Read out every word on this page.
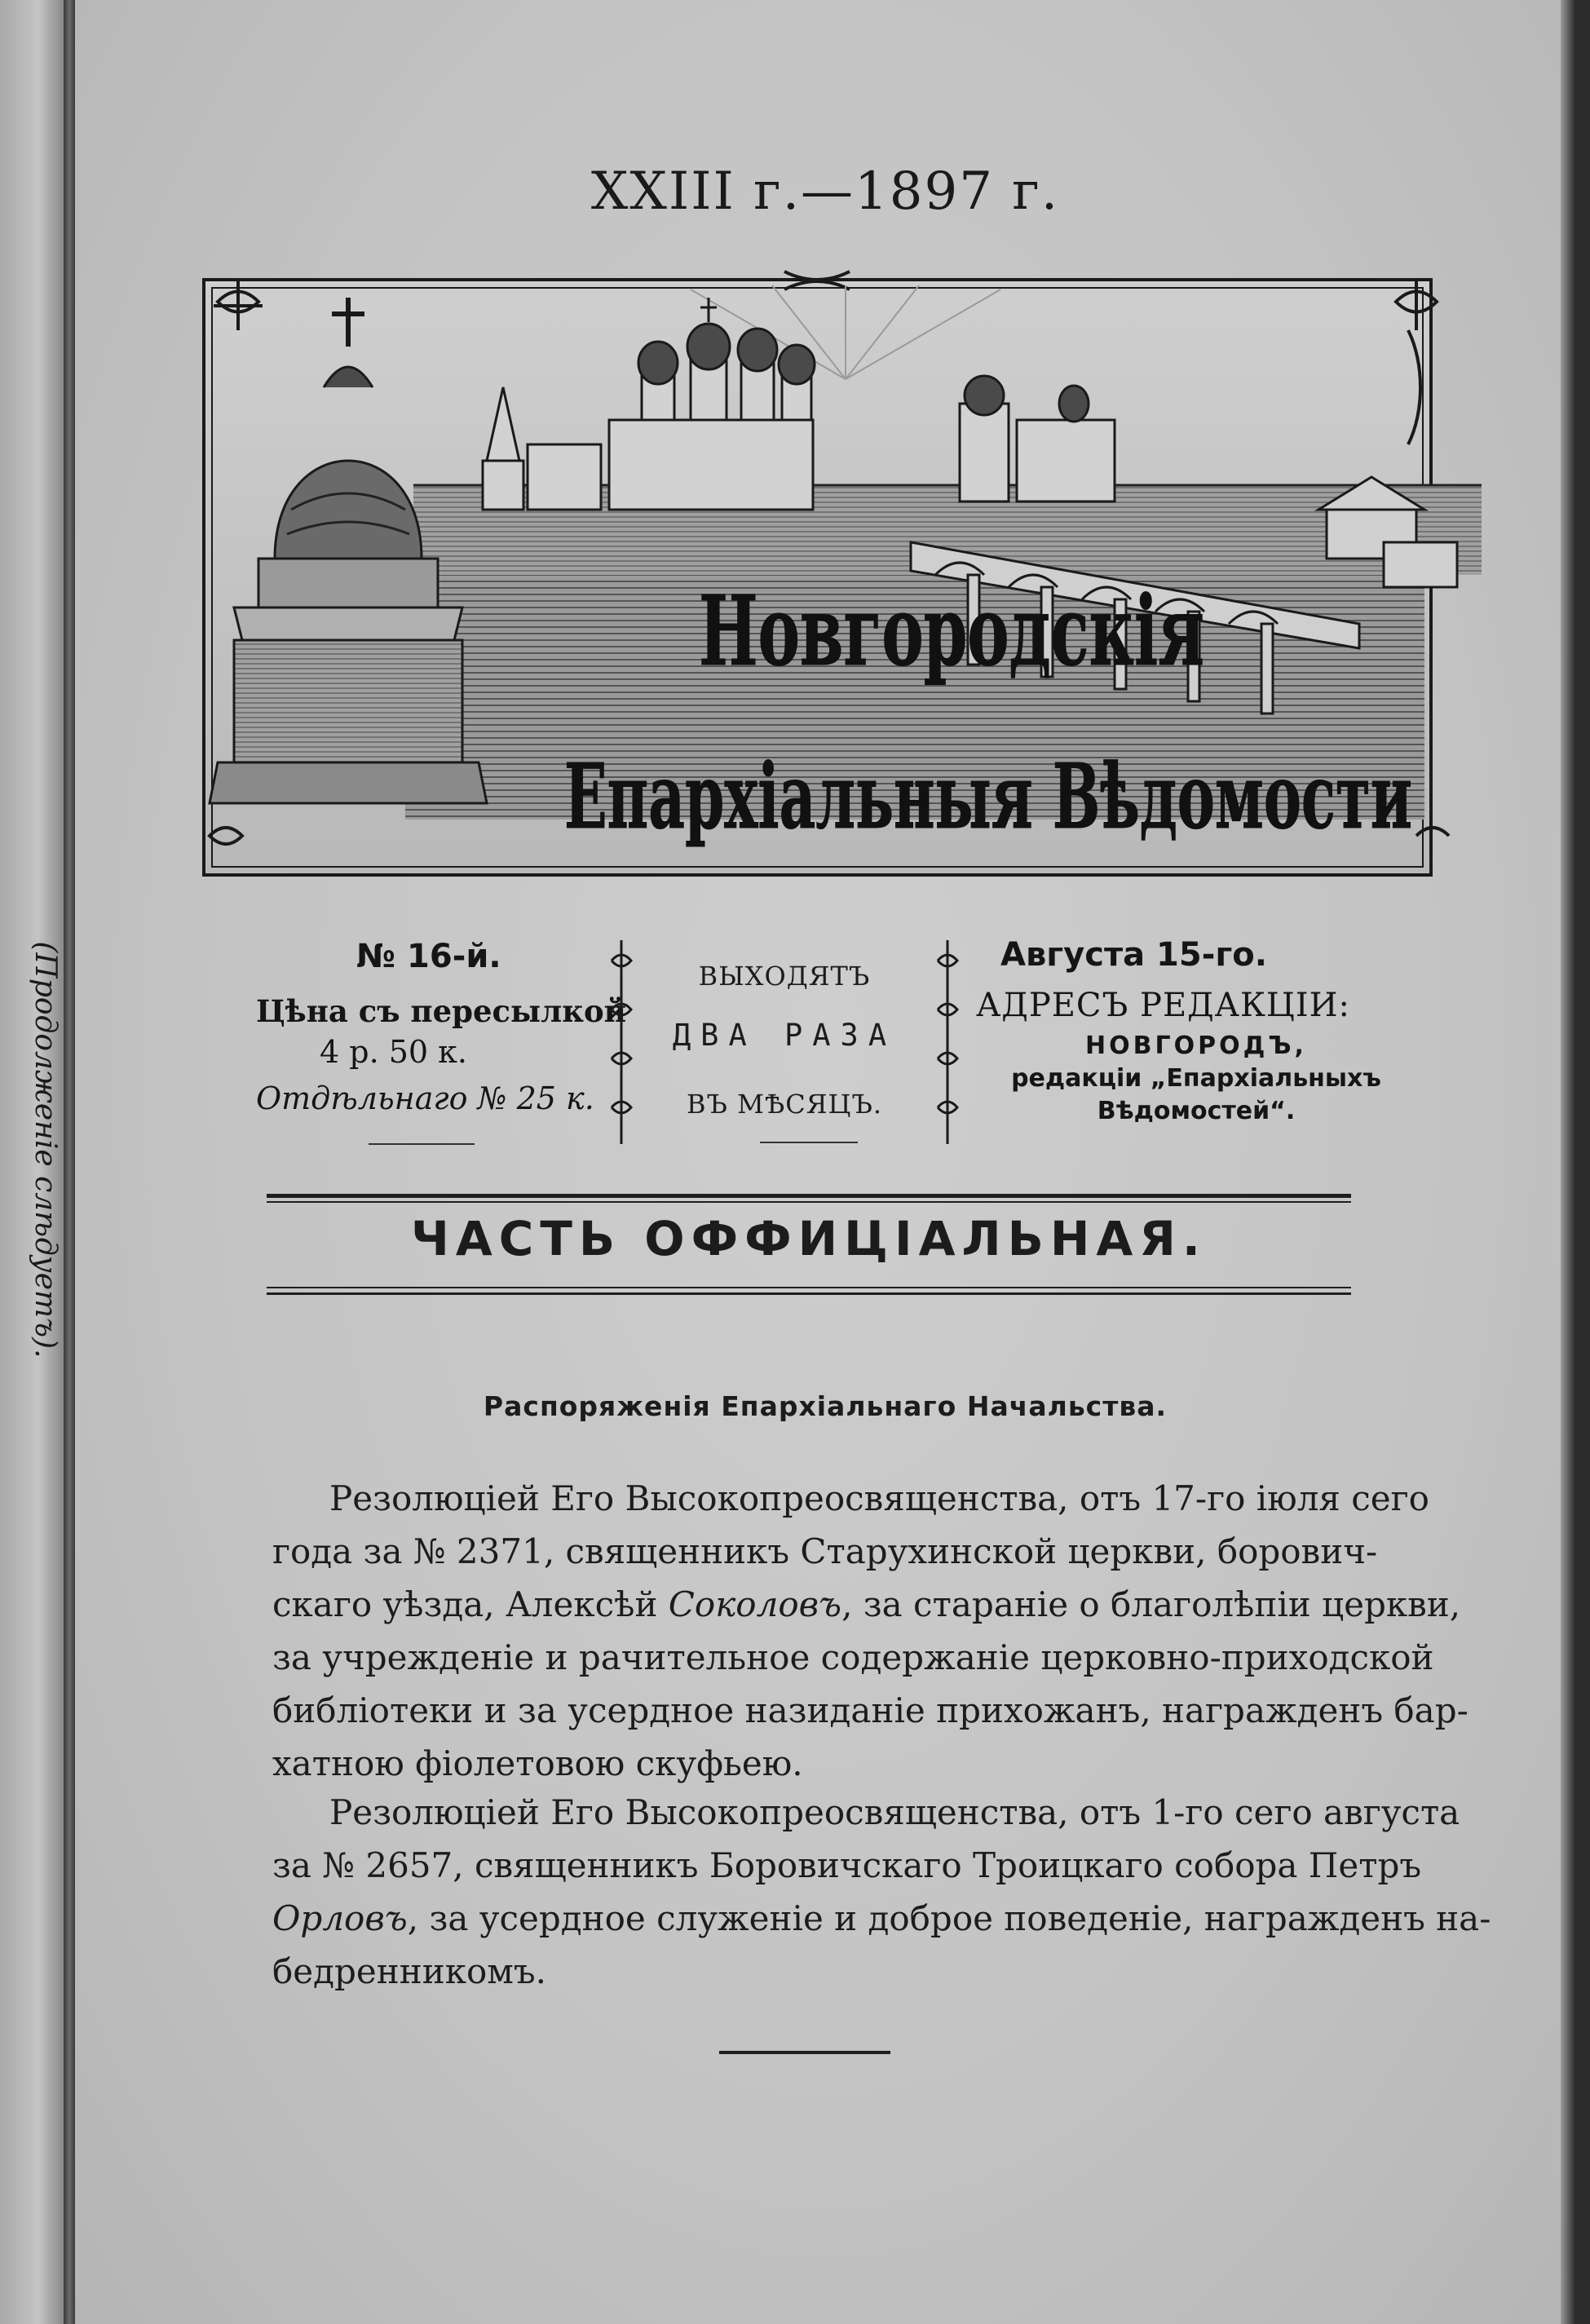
(Продолженіе слѣдуетъ).
XXIII г.—1897 г.
Новгородскія
Епархіальныя Вѣдомости
№ 16-й.
Цѣна съ пересылкой
4 р. 50 к.
Отдѣльнаго № 25 к.
ВЫХОДЯТЪ
ДВА РАЗА
ВЪ МѢСЯЦЪ.
Августа 15-го.
АДРЕСЪ РЕДАКЦІИ:
НОВГОРОДЪ,
редакціи „Епархіальныхъ
Вѣдомостей“.
ЧАСТЬ ОФФИЦІАЛЬНАЯ.
Распоряженія Епархіальнаго Начальства.
Резолюціей Его Высокопреосвященства, отъ 17-го іюля сего
года за № 2371, священникъ Старухинской церкви, борович-
скаго уѣзда, Алексѣй Соколовъ, за стараніе о благолѣпіи церкви,
за учрежденіе и рачительное содержаніе церковно-приходской
библіотеки и за усердное назиданіе прихожанъ, награжденъ бар-
хатною фіолетовою скуфьею.
Резолюціей Его Высокопреосвященства, отъ 1-го сего августа
за № 2657, священникъ Боровичскаго Троицкаго собора Петръ
Орловъ, за усердное служеніе и доброе поведеніе, награжденъ на-
бедренникомъ.
